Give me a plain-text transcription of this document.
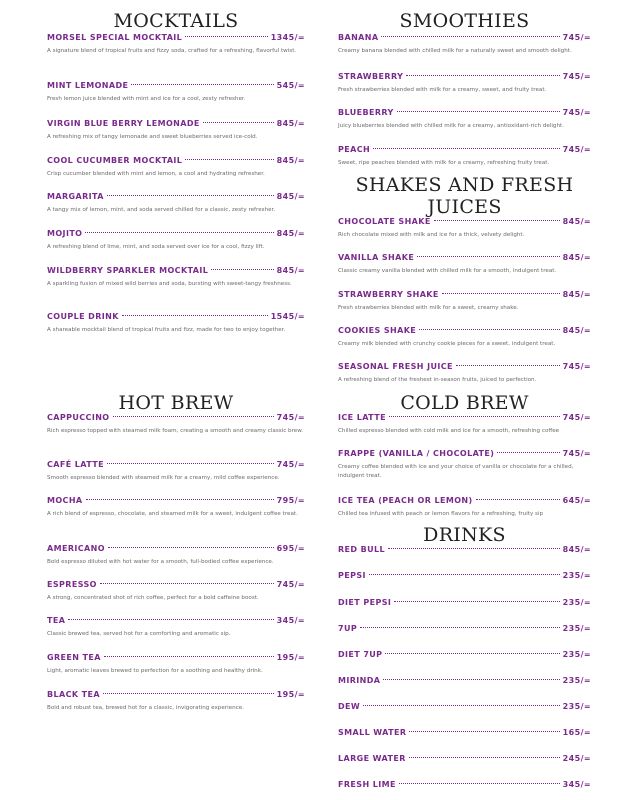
MOCKTAILS
MORSEL SPECIAL MOCKTAIL	1345/=
A signature blend of tropical fruits and fizzy soda, crafted for a refreshing, flavorful twist.
MINT LEMONADE	545/=
Fresh lemon juice blended with mint and ice for a cool, zesty refresher.
VIRGIN BLUE BERRY LEMONADE	845/=
A refreshing mix of tangy lemonade and sweet blueberries served ice-cold.
COOL CUCUMBER MOCKTAIL	845/=
Crisp cucumber blended with mint and lemon, a cool and hydrating refresher.
MARGARITA	845/=
A tangy mix of lemon, mint, and soda served chilled for a classic, zesty refresher.
MOJITO	845/=
A refreshing blend of lime, mint, and soda served over ice for a cool, fizzy lift.
WILDBERRY SPARKLER MOCKTAIL	845/=
A sparkling fusion of mixed wild berries and soda, bursting with sweet-tangy freshness.
COUPLE DRINK	1545/=
A shareable mocktail blend of tropical fruits and fizz, made for two to enjoy together.
SMOOTHIES
BANANA	745/=
Creamy banana blended with chilled milk for a naturally sweet and smooth delight.
STRAWBERRY	745/=
Fresh strawberries blended with milk for a creamy, sweet, and fruity treat.
BLUEBERRY	745/=
Juicy blueberries blended with chilled milk for a creamy, antioxidant-rich delight.
PEACH	745/=
Sweet, ripe peaches blended with milk for a creamy, refreshing fruity treat.
SHAKES AND FRESH
JUICES
CHOCOLATE SHAKE	845/=
Rich chocolate mixed with milk and ice for a thick, velvety delight.
VANILLA SHAKE	845/=
Classic creamy vanilla blended with chilled milk for a smooth, indulgent treat.
STRAWBERRY SHAKE	845/=
Fresh strawberries blended with milk for a sweet, creamy shake.
COOKIES SHAKE	845/=
Creamy milk blended with crunchy cookie pieces for a sweet, indulgent treat.
SEASONAL FRESH JUICE	745/=
A refreshing blend of the freshest in-season fruits, juiced to perfection.
HOT BREW
CAPPUCCINO	745/=
Rich espresso topped with steamed milk foam, creating a smooth and creamy classic brew.
CAFÉ LATTE	745/=
Smooth espresso blended with steamed milk for a creamy, mild coffee experience.
MOCHA	795/=
A rich blend of espresso, chocolate, and steamed milk for a sweet, indulgent coffee treat.
AMERICANO	695/=
Bold espresso diluted with hot water for a smooth, full-bodied coffee experience.
ESPRESSO	745/=
A strong, concentrated shot of rich coffee, perfect for a bold caffeine boost.
TEA	345/=
Classic brewed tea, served hot for a comforting and aromatic sip.
GREEN TEA	195/=
Light, aromatic leaves brewed to perfection for a soothing and healthy drink.
BLACK TEA	195/=
Bold and robust tea, brewed hot for a classic, invigorating experience.
COLD BREW
ICE LATTE	745/=
Chilled espresso blended with cold milk and ice for a smooth, refreshing coffee
FRAPPE (VANILLA / CHOCOLATE)	745/=
Creamy coffee blended with ice and your choice of vanilla or chocolate for a chilled, indulgent treat.
ICE TEA (PEACH OR LEMON)	645/=
Chilled tea infused with peach or lemon flavors for a refreshing, fruity sip
DRINKS
RED BULL	845/=
PEPSI	235/=
DIET PEPSI	235/=
7UP	235/=
DIET 7UP	235/=
MIRINDA	235/=
DEW	235/=
SMALL WATER	165/=
LARGE WATER	245/=
FRESH LIME	345/=
